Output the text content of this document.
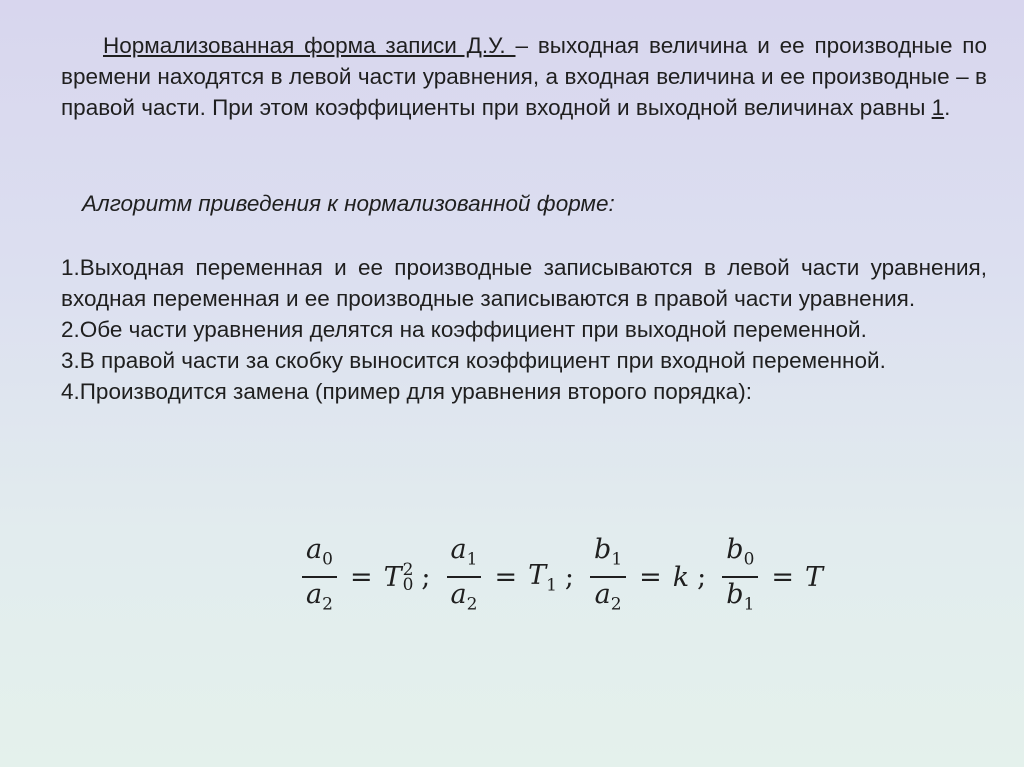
Нормализованная форма записи Д.У. – выходная величина и ее производные по времени находятся в левой части уравнения, а входная величина и ее производные – в правой части. При этом коэффициенты при входной и выходной величинах равны 1.
Алгоритм приведения к нормализованной форме:
1.Выходная переменная и ее производные записываются в левой части уравнения, входная переменная и ее производные записываются в правой части уравнения.
2.Обе части уравнения делятся на коэффициент при выходной переменной.
3.В правой части за скобку выносится коэффициент при входной переменной.
4.Производится замена (пример для уравнения второго порядка):
$\frac{a_0}{a_2} = T$ 2
0 ; $\frac{a_1}{a_2} = T_1$ ; $\frac{b_1}{a_2} = k$ ; $\frac{b_0}{b_1} = T$
